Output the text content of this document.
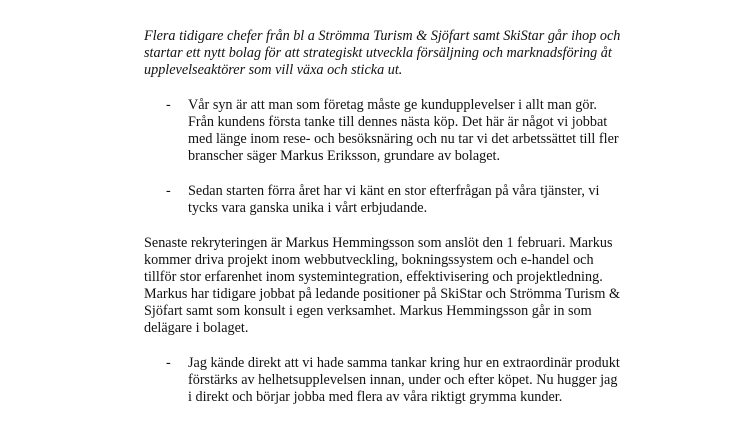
Flera tidigare chefer från bl a Strömma Turism & Sjöfart samt SkiStar går ihop och startar ett nytt bolag för att strategiskt utveckla försäljning och marknadsföring åt upplevelseaktörer som vill växa och sticka ut.

- Vår syn är att man som företag måste ge kundupplevelser i allt man gör. Från kundens första tanke till dennes nästa köp. Det här är något vi jobbat med länge inom rese- och besöksnäring och nu tar vi det arbetssättet till fler branscher säger Markus Eriksson, grundare av bolaget.
- Sedan starten förra året har vi känt en stor efterfrågan på våra tjänster, vi tycks vara ganska unika i vårt erbjudande.

Senaste rekryteringen är Markus Hemmingsson som anslöt den 1 februari. Markus kommer driva projekt inom webbutveckling, bokningssystem och e-handel och tillför stor erfarenhet inom systemintegration, effektivisering och projektledning. Markus har tidigare jobbat på ledande positioner på SkiStar och Strömma Turism & Sjöfart samt som konsult i egen verksamhet. Markus Hemmingsson går in som delägare i bolaget.

- Jag kände direkt att vi hade samma tankar kring hur en extraordinär produkt förstärks av helhetsupplevelsen innan, under och efter köpet. Nu hugger jag i direkt och börjar jobba med flera av våra riktigt grymma kunder.
